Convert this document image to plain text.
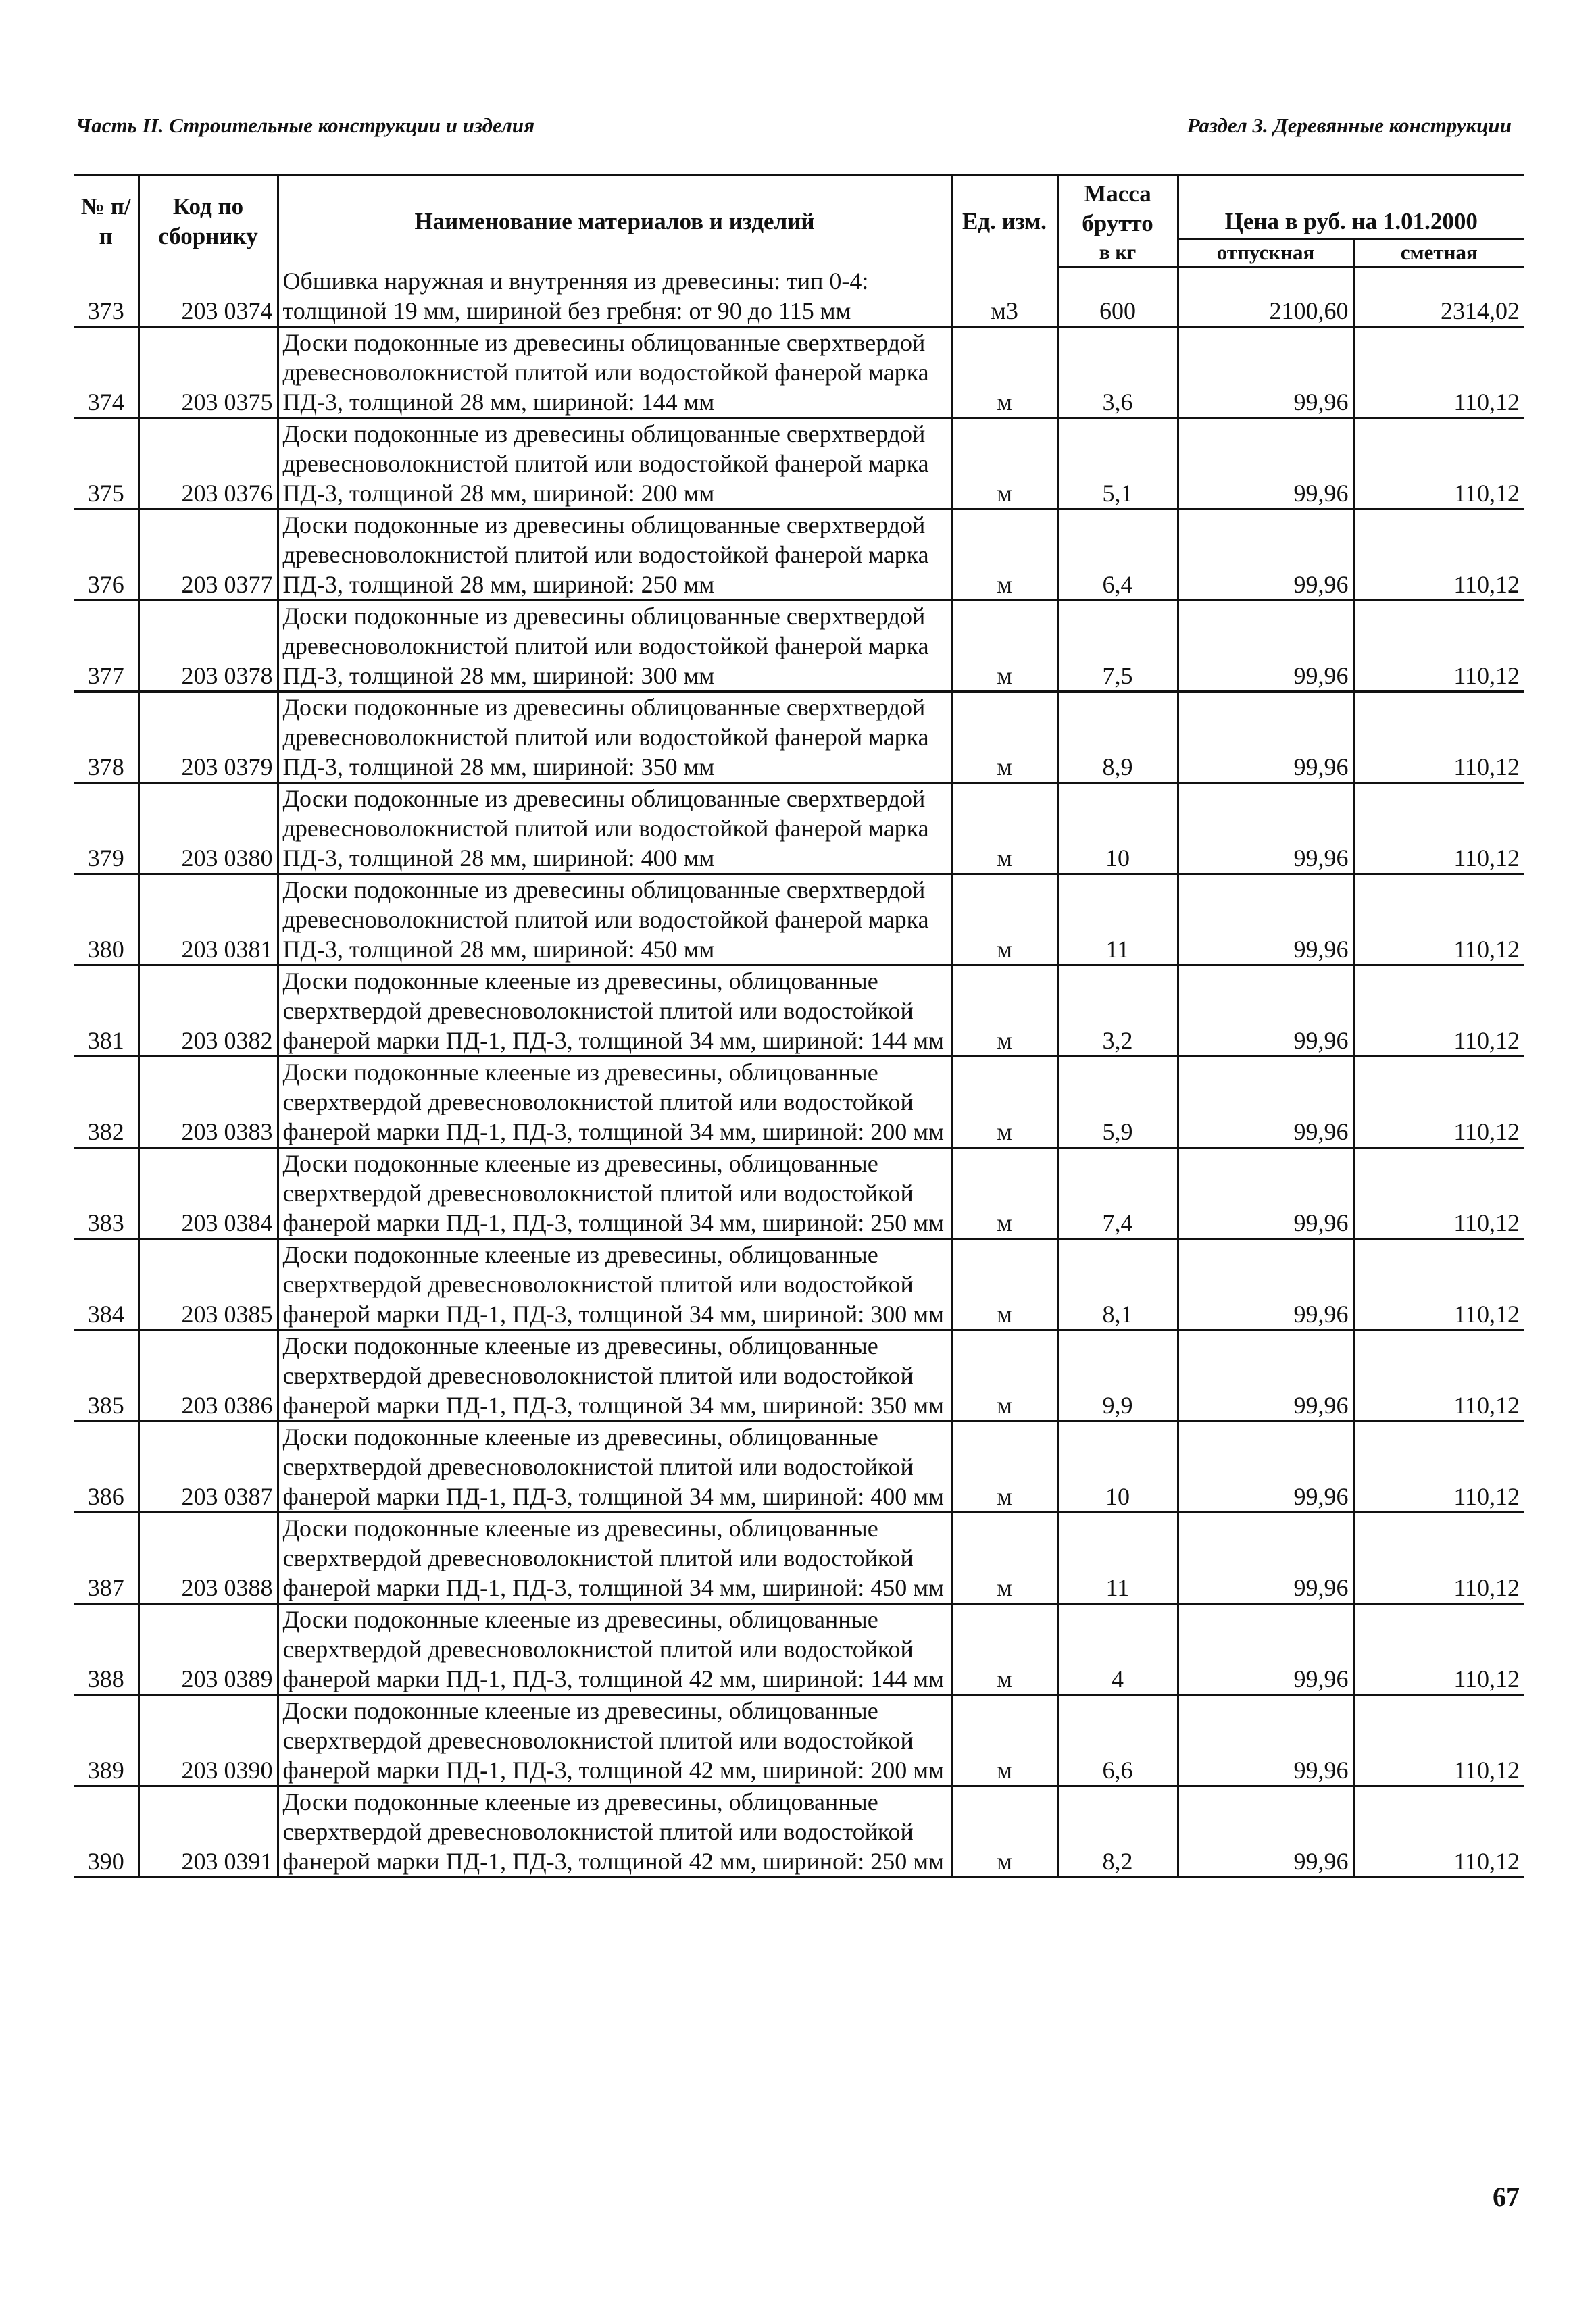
Часть II. Строительные конструкции и изделия	Раздел 3. Деревянные конструкции
№ п/п	Код по сборнику	Наименование материалов и изделий	Ед. изм.	Масса брутто	Цена в руб. на 1.01.2000	
				в кг	отпускная	сметная
373	203 0374	Обшивка наружная и внутренняя из древесины: тип 0-4: толщиной 19 мм, шириной без гребня: от 90 до 115 мм	м3	600	2100,60	2314,02
374	203 0375	Доски подоконные из древесины облицованные сверхтвердой древесноволокнистой плитой или водостойкой фанерой марка ПД-3, толщиной 28 мм, шириной: 144 мм	м	3,6	99,96	110,12
375	203 0376	Доски подоконные из древесины облицованные сверхтвердой древесноволокнистой плитой или водостойкой фанерой марка ПД-3, толщиной 28 мм, шириной: 200 мм	м	5,1	99,96	110,12
376	203 0377	Доски подоконные из древесины облицованные сверхтвердой древесноволокнистой плитой или водостойкой фанерой марка ПД-3, толщиной 28 мм, шириной: 250 мм	м	6,4	99,96	110,12
377	203 0378	Доски подоконные из древесины облицованные сверхтвердой древесноволокнистой плитой или водостойкой фанерой марка ПД-3, толщиной 28 мм, шириной: 300 мм	м	7,5	99,96	110,12
378	203 0379	Доски подоконные из древесины облицованные сверхтвердой древесноволокнистой плитой или водостойкой фанерой марка ПД-3, толщиной 28 мм, шириной: 350 мм	м	8,9	99,96	110,12
379	203 0380	Доски подоконные из древесины облицованные сверхтвердой древесноволокнистой плитой или водостойкой фанерой марка ПД-3, толщиной 28 мм, шириной: 400 мм	м	10	99,96	110,12
380	203 0381	Доски подоконные из древесины облицованные сверхтвердой древесноволокнистой плитой или водостойкой фанерой марка ПД-3, толщиной 28 мм, шириной: 450 мм	м	11	99,96	110,12
381	203 0382	Доски подоконные клееные из древесины, облицованные сверхтвердой древесноволокнистой плитой или водостойкой фанерой марки ПД-1, ПД-3, толщиной 34 мм, шириной: 144 мм	м	3,2	99,96	110,12
382	203 0383	Доски подоконные клееные из древесины, облицованные сверхтвердой древесноволокнистой плитой или водостойкой фанерой марки ПД-1, ПД-3, толщиной 34 мм, шириной: 200 мм	м	5,9	99,96	110,12
383	203 0384	Доски подоконные клееные из древесины, облицованные сверхтвердой древесноволокнистой плитой или водостойкой фанерой марки ПД-1, ПД-3, толщиной 34 мм, шириной: 250 мм	м	7,4	99,96	110,12
384	203 0385	Доски подоконные клееные из древесины, облицованные сверхтвердой древесноволокнистой плитой или водостойкой фанерой марки ПД-1, ПД-3, толщиной 34 мм, шириной: 300 мм	м	8,1	99,96	110,12
385	203 0386	Доски подоконные клееные из древесины, облицованные сверхтвердой древесноволокнистой плитой или водостойкой фанерой марки ПД-1, ПД-3, толщиной 34 мм, шириной: 350 мм	м	9,9	99,96	110,12
386	203 0387	Доски подоконные клееные из древесины, облицованные сверхтвердой древесноволокнистой плитой или водостойкой фанерой марки ПД-1, ПД-3, толщиной 34 мм, шириной: 400 мм	м	10	99,96	110,12
387	203 0388	Доски подоконные клееные из древесины, облицованные сверхтвердой древесноволокнистой плитой или водостойкой фанерой марки ПД-1, ПД-3, толщиной 34 мм, шириной: 450 мм	м	11	99,96	110,12
388	203 0389	Доски подоконные клееные из древесины, облицованные сверхтвердой древесноволокнистой плитой или водостойкой фанерой марки ПД-1, ПД-3, толщиной 42 мм, шириной: 144 мм	м	4	99,96	110,12
389	203 0390	Доски подоконные клееные из древесины, облицованные сверхтвердой древесноволокнистой плитой или водостойкой фанерой марки ПД-1, ПД-3, толщиной 42 мм, шириной: 200 мм	м	6,6	99,96	110,12
390	203 0391	Доски подоконные клееные из древесины, облицованные сверхтвердой древесноволокнистой плитой или водостойкой фанерой марки ПД-1, ПД-3, толщиной 42 мм, шириной: 250 мм	м	8,2	99,96	110,12
67
